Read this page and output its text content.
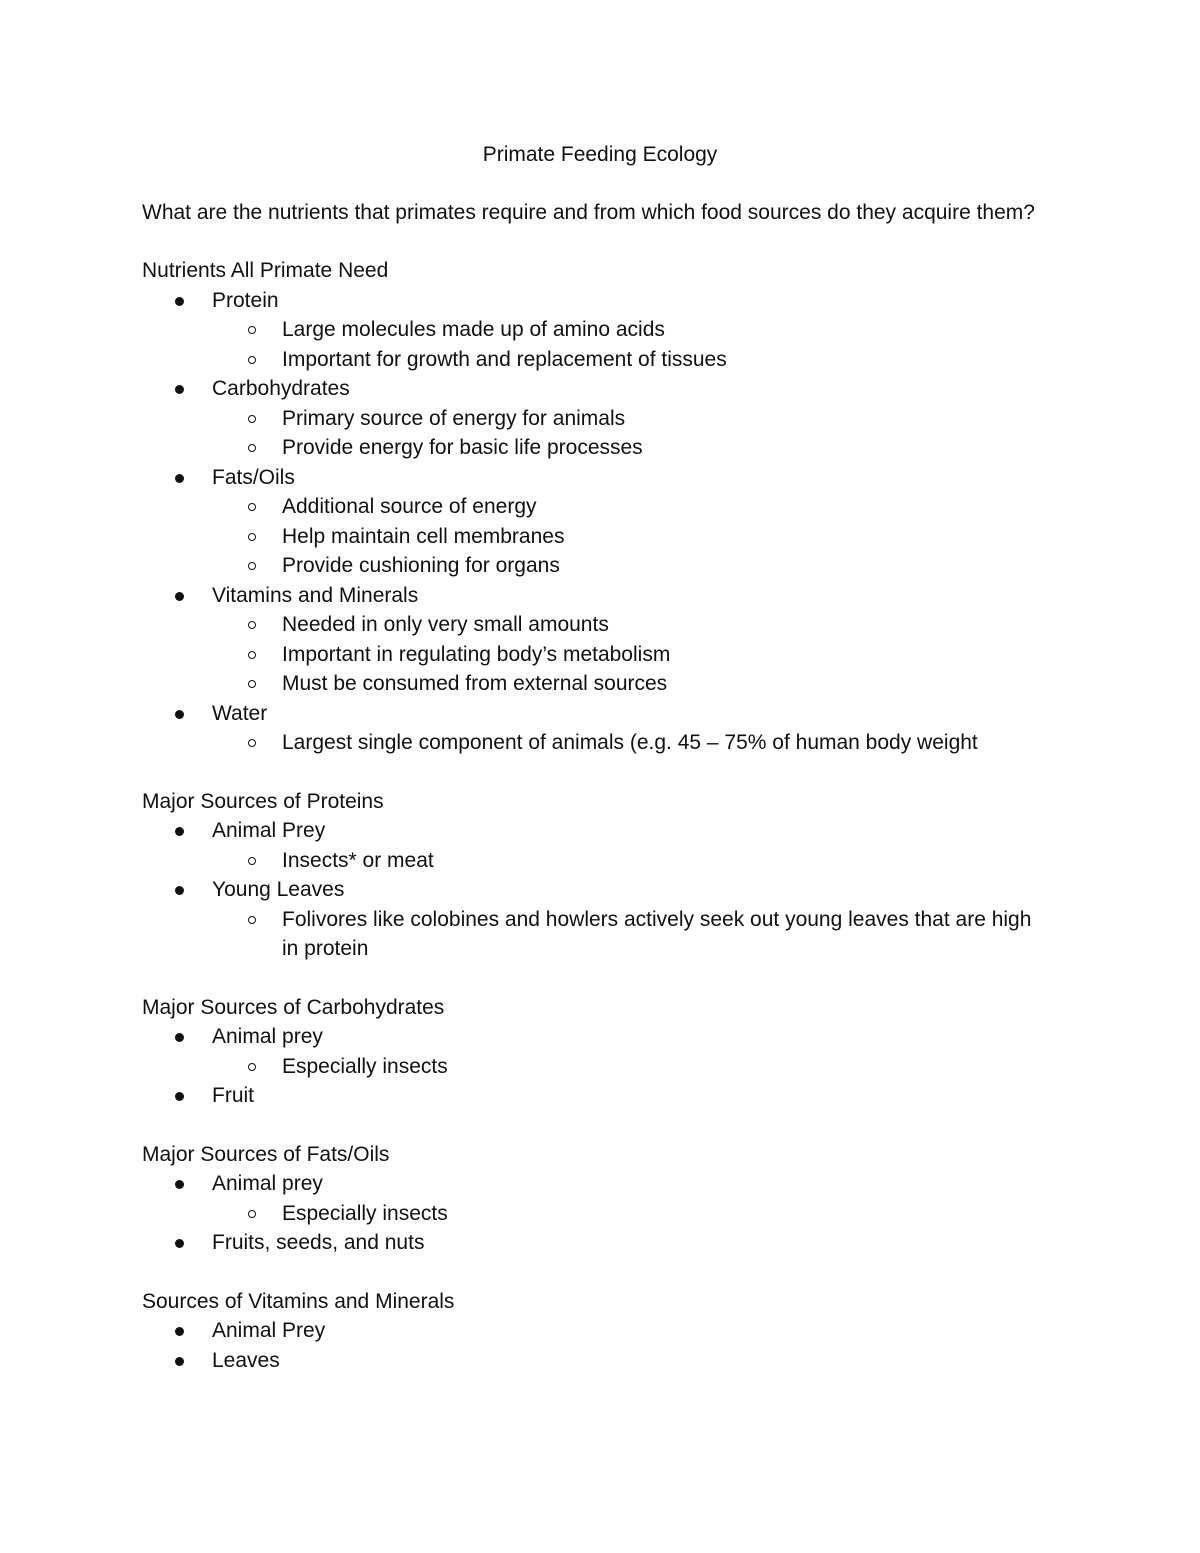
Primate Feeding Ecology
What are the nutrients that primates require and from which food sources do they acquire them?
Nutrients All Primate Need
Protein
Large molecules made up of amino acids
Important for growth and replacement of tissues
Carbohydrates
Primary source of energy for animals
Provide energy for basic life processes
Fats/Oils
Additional source of energy
Help maintain cell membranes
Provide cushioning for organs
Vitamins and Minerals
Needed in only very small amounts
Important in regulating body’s metabolism
Must be consumed from external sources
Water
Largest single component of animals (e.g. 45 – 75% of human body weight
Major Sources of Proteins
Animal Prey
Insects* or meat
Young Leaves
Folivores like colobines and howlers actively seek out young leaves that are high in protein
Major Sources of Carbohydrates
Animal prey
Especially insects
Fruit
Major Sources of Fats/Oils
Animal prey
Especially insects
Fruits, seeds, and nuts
Sources of Vitamins and Minerals
Animal Prey
Leaves
